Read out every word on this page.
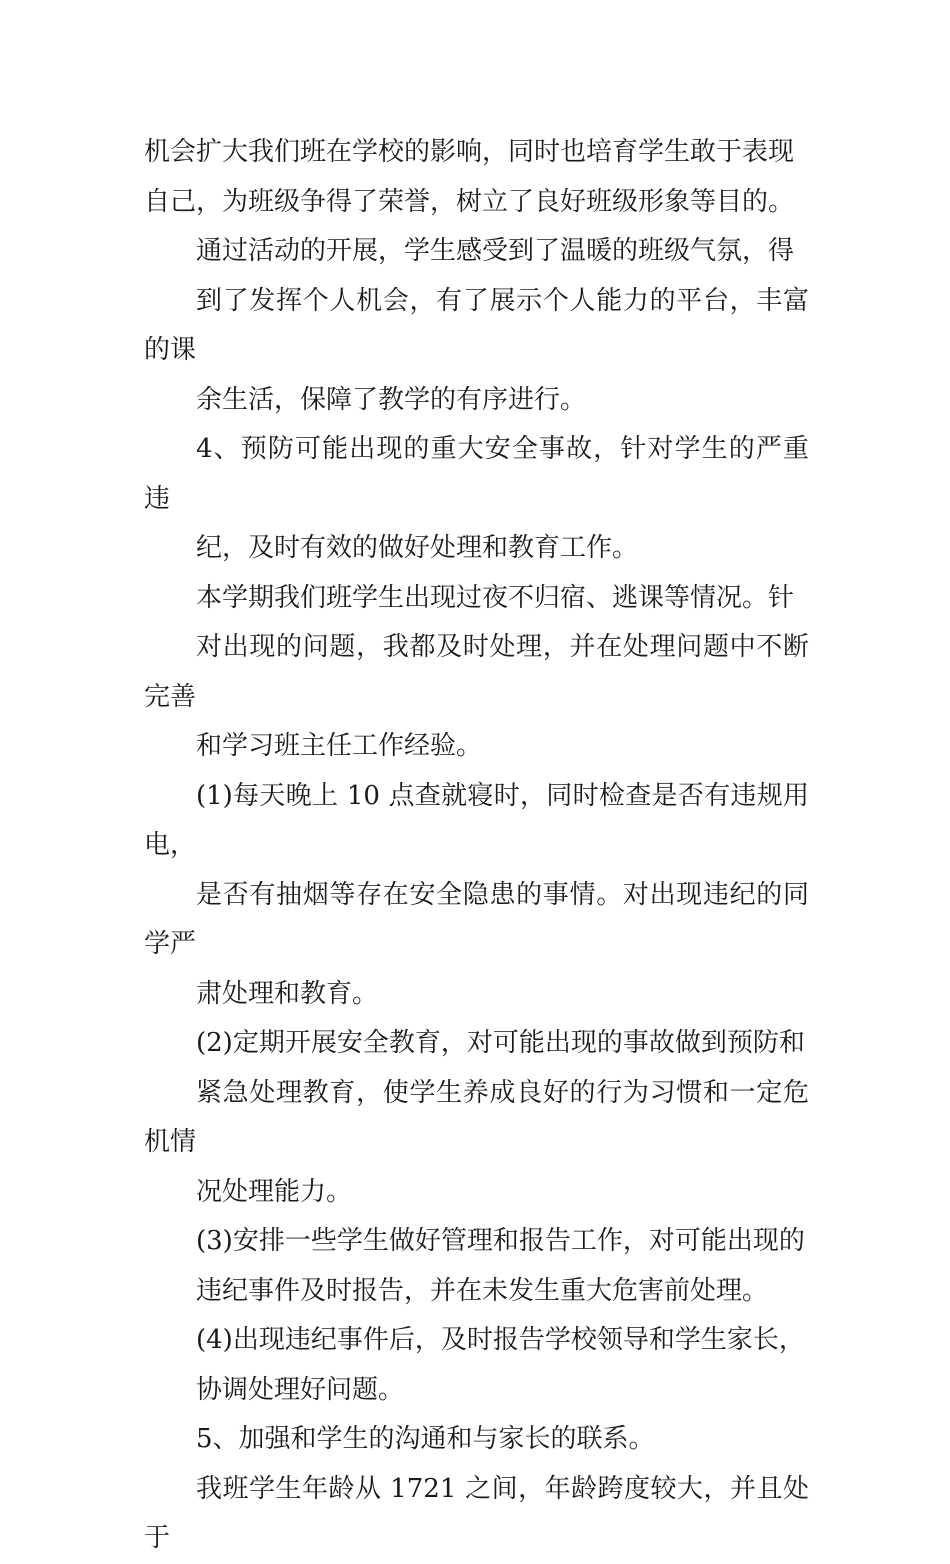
机会扩大我们班在学校的影响，同时也培育学生敢于表现
自己，为班级争得了荣誉，树立了良好班级形象等目的。

通过活动的开展，学生感受到了温暖的班级气氛，得
到了发挥个人机会，有了展示个人能力的平台，丰富的课
余生活，保障了教学的有序进行。

4、预防可能出现的重大安全事故，针对学生的严重违
纪，及时有效的做好处理和教育工作。

本学期我们班学生出现过夜不归宿、逃课等情况。针
对出现的问题，我都及时处理，并在处理问题中不断完善
和学习班主任工作经验。

(1)每天晚上 10 点查就寝时，同时检查是否有违规用电，
是否有抽烟等存在安全隐患的事情。对出现违纪的同学严
肃处理和教育。

(2)定期开展安全教育，对可能出现的事故做到预防和
紧急处理教育，使学生养成良好的行为习惯和一定危机情
况处理能力。

(3)安排一些学生做好管理和报告工作，对可能出现的
违纪事件及时报告，并在未发生重大危害前处理。

(4)出现违纪事件后，及时报告学校领导和学生家长，
协调处理好问题。

5、加强和学生的沟通和与家长的联系。

我班学生年龄从 1721 之间，年龄跨度较大，并且处于
